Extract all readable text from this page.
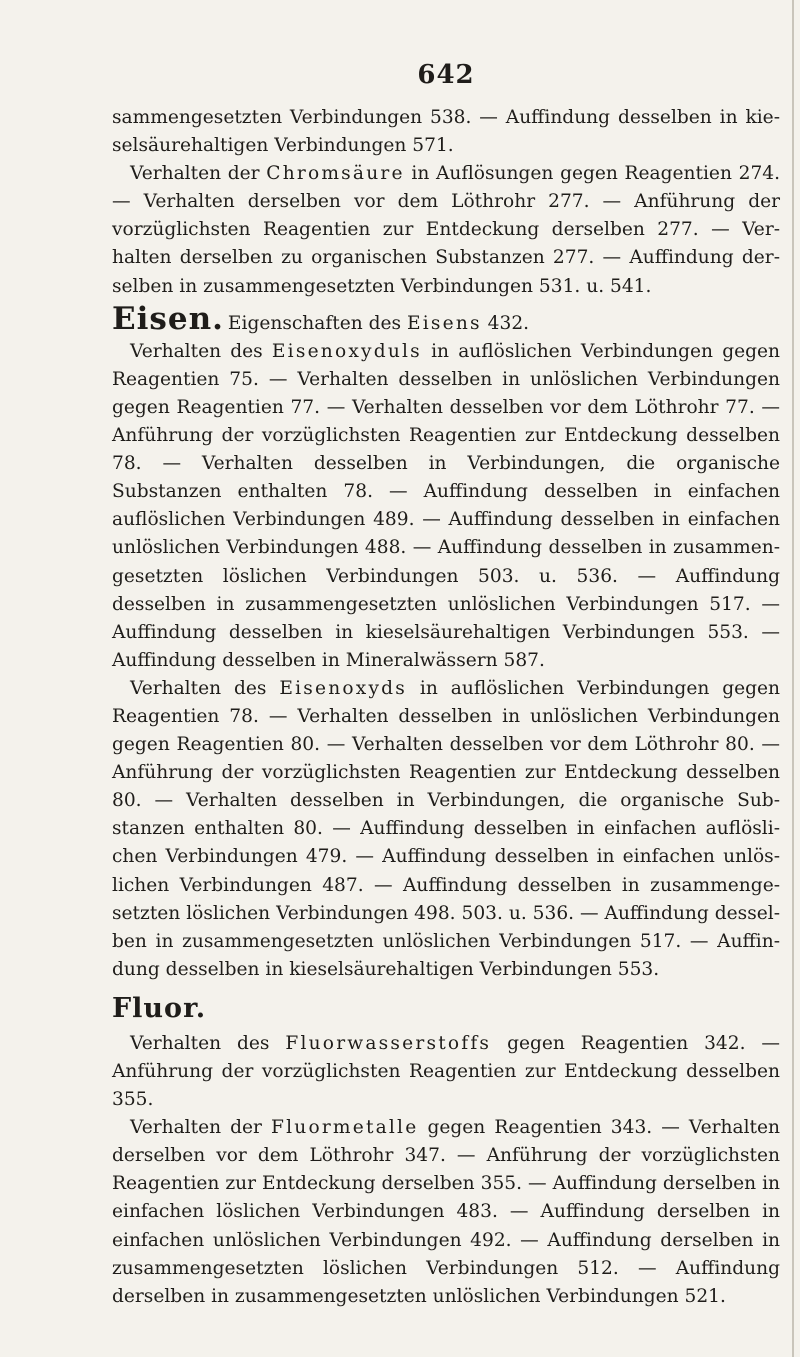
642

sammengesetzten Verbindungen 538. — Auffindung desselben in kieselsäurehaltigen Verbindungen 571.

Verhalten der Chromsäure in Auflösungen gegen Reagentien 274. — Verhalten derselben vor dem Löthrohr 277. — Anführung der vorzüglichsten Reagentien zur Entdeckung derselben 277. — Verhalten derselben zu organischen Substanzen 277. — Auffindung derselben in zusammengesetzten Verbindungen 531. u. 541.

Eisen. Eigenschaften des Eisens 432.

Verhalten des Eisenoxyduls in auflöslichen Verbindungen gegen Reagentien 75. — Verhalten desselben in unlöslichen Verbindungen gegen Reagentien 77. — Verhalten desselben vor dem Löthrohr 77. — Anführung der vorzüglichsten Reagentien zur Entdeckung desselben 78. — Verhalten desselben in Verbindungen, die organische Substanzen enthalten 78. — Auffindung desselben in einfachen auflöslichen Verbindungen 489. — Auffindung desselben in einfachen unlöslichen Verbindungen 488. — Auffindung desselben in zusammengesetzten löslichen Verbindungen 503. u. 536. — Auffindung desselben in zusammengesetzten unlöslichen Verbindungen 517. — Auffindung desselben in kieselsäurehaltigen Verbindungen 553. — Auffindung desselben in Mineralwässern 587.

Verhalten des Eisenoxyds in auflöslichen Verbindungen gegen Reagentien 78. — Verhalten desselben in unlöslichen Verbindungen gegen Reagentien 80. — Verhalten desselben vor dem Löthrohr 80. — Anführung der vorzüglichsten Reagentien zur Entdeckung desselben 80. — Verhalten desselben in Verbindungen, die organische Substanzen enthalten 80. — Auffindung desselben in einfachen auflöslichen Verbindungen 479. — Auffindung desselben in einfachen unlöslichen Verbindungen 487. — Auffindung desselben in zusammengesetzten löslichen Verbindungen 498. 503. u. 536. — Auffindung desselben in zusammengesetzten unlöslichen Verbindungen 517. — Auffindung desselben in kieselsäurehaltigen Verbindungen 553.

Fluor.

Verhalten des Fluorwasserstoffs gegen Reagentien 342. — Anführung der vorzüglichsten Reagentien zur Entdeckung desselben 355.

Verhalten der Fluormetalle gegen Reagentien 343. — Verhalten derselben vor dem Löthrohr 347. — Anführung der vorzüglichsten Reagentien zur Entdeckung derselben 355. — Auffindung derselben in einfachen löslichen Verbindungen 483. — Auffindung derselben in einfachen unlöslichen Verbindungen 492. — Auffindung derselben in zusammengesetzten löslichen Verbindungen 512. — Auffindung derselben in zusammengesetzten unlöslichen Verbindungen 521.
